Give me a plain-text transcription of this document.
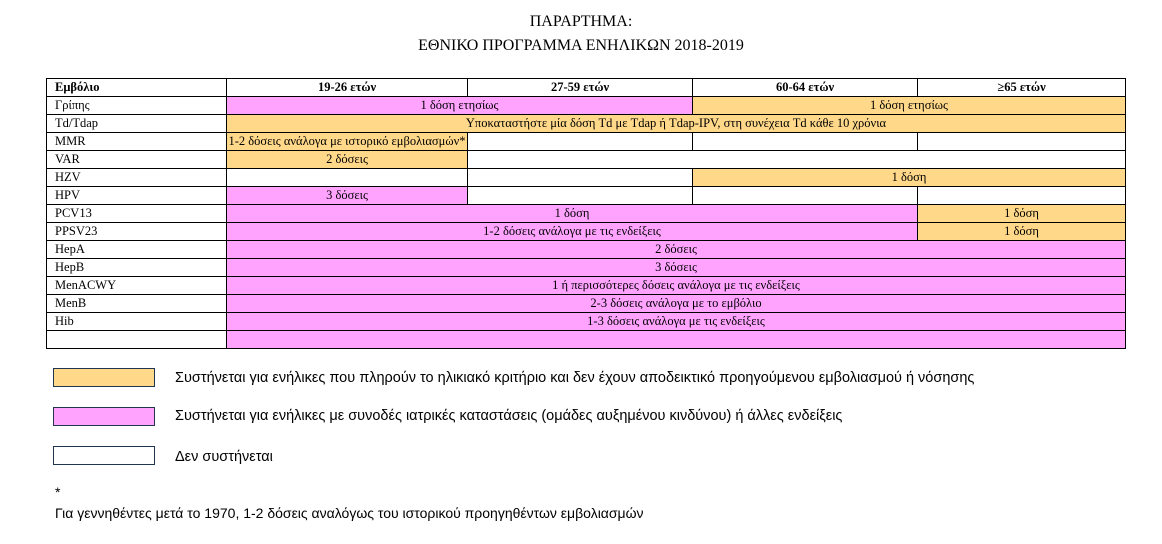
ΠΑΡΑΡΤΗΜΑ:
ΕΘΝΙΚΟ ΠΡΟΓΡΑΜΜΑ ΕΝΗΛΙΚΩΝ 2018-2019
Εμβόλιο	19-26 ετών	27-59 ετών	60-64 ετών	≥65 ετών
Γρίπης	1 δόση ετησίως		1 δόση ετησίως	
Td/Tdap	Υποκαταστήστε μία δόση Td με Tdap ή Tdap-IPV, στη συνέχεια Td κάθε 10 χρόνια			
MMR	1-2 δόσεις ανάλογα με ιστορικό εμβολιασμών*			
VAR	2 δόσεις			
HZV			1 δόση	
HPV	3 δόσεις			
PCV13	1 δόση			1 δόση
PPSV23	1-2 δόσεις ανάλογα με τις ενδείξεις			1 δόση
HepA	2 δόσεις			
HepB	3 δόσεις			
MenACWY	1 ή περισσότερες δόσεις ανάλογα με τις ενδείξεις			
MenB	2-3 δόσεις ανάλογα με το εμβόλιο			
Hib	1-3 δόσεις ανάλογα με τις ενδείξεις			

Συστήνεται για ενήλικες που πληρούν το ηλικιακό κριτήριο και δεν έχουν αποδεικτικό προηγούμενου εμβολιασμού ή νόσησης
Συστήνεται για ενήλικες με συνοδές ιατρικές καταστάσεις (ομάδες αυξημένου κινδύνου) ή άλλες ενδείξεις
Δεν συστήνεται
*
Για γεννηθέντες μετά το 1970, 1-2 δόσεις αναλόγως του ιστορικού προηγηθέντων εμβολιασμών
